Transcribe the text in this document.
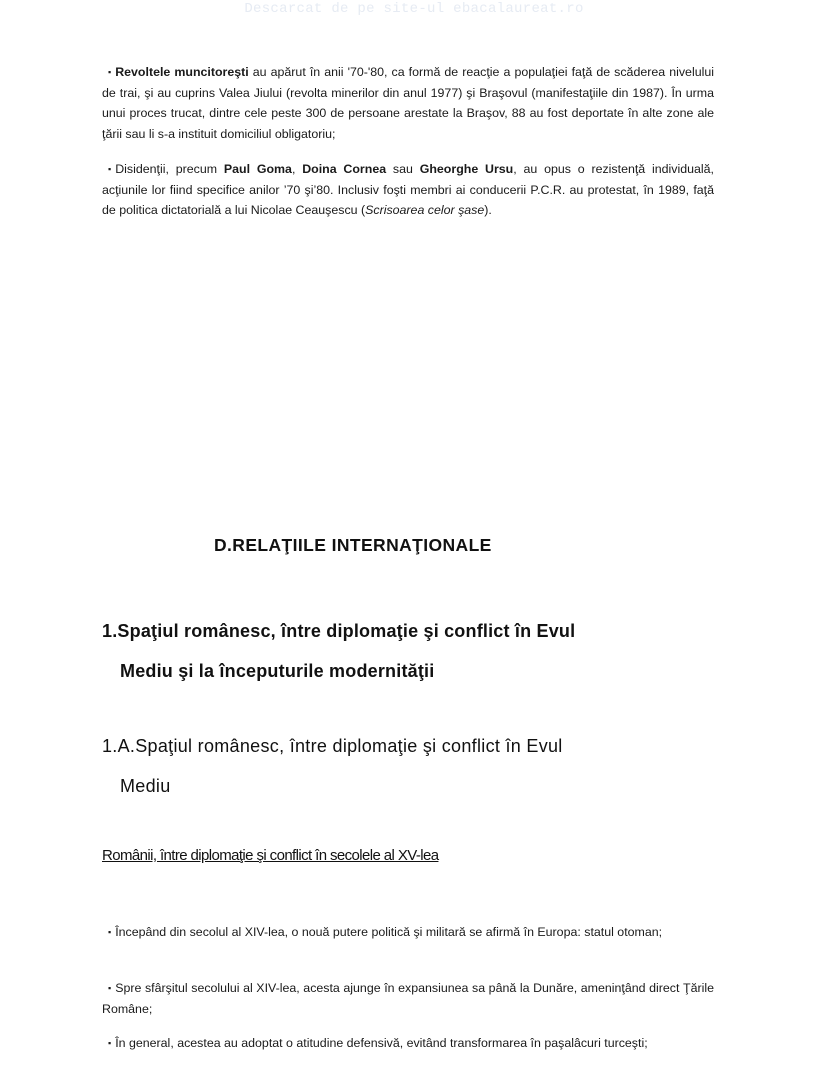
Descarcat de pe site-ul ebacalaureat.ro
▪ Revoltele muncitoreşti au apărut în anii '70-'80, ca formă de reacţie a populaţiei faţă de scăderea nivelului de trai, şi au cuprins Valea Jiului (revolta minerilor din anul 1977) şi Braşovul (manifestaţiile din 1987). În urma unui proces trucat, dintre cele peste 300 de persoane arestate la Braşov, 88 au fost deportate în alte zone ale ţării sau li s-a instituit domiciliul obligatoriu;
▪ Disidenţii, precum Paul Goma, Doina Cornea sau Gheorghe Ursu, au opus o rezistenţă individuală, acţiunile lor fiind specifice anilor ’70 şi’80. Inclusiv foşti membri ai conducerii P.C.R. au protestat, în 1989, faţă de politica dictatorială a lui Nicolae Ceauşescu (Scrisoarea celor şase).
D.RELAŢIILE INTERNAŢIONALE
1.Spaţiul românesc, între diplomaţie şi conflict în Evul
Mediu şi la începuturile modernităţii
1.A.Spaţiul românesc, între diplomaţie şi conflict în Evul
Mediu
Românii, între diplomaţie şi conflict în secolele al XV-lea
▪ Începând din secolul al XIV-lea, o nouă putere politică şi militară se afirmă în Europa: statul otoman;
▪ Spre sfârşitul secolului al XIV-lea, acesta ajunge în expansiunea sa până la Dunăre, ameninţând direct Ţările Române;
▪ În general, acestea au adoptat o atitudine defensivă, evitând transformarea în paşalâcuri turceşti;
